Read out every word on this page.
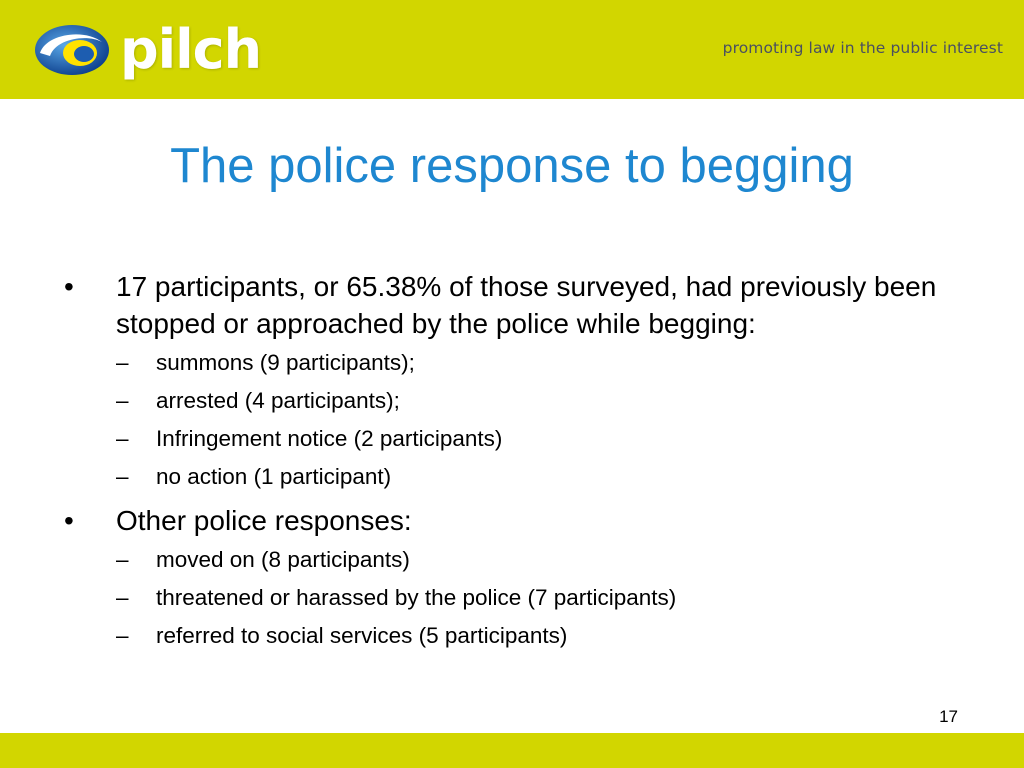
pilch	promoting law in the public interest
The police response to begging
•	17 participants, or 65.38% of those surveyed, had previously been stopped or approached by the police while begging:
–	summons (9 participants);
–	arrested (4 participants);
–	Infringement notice (2 participants)
–	no action (1 participant)
•	Other police responses:
–	moved on (8 participants)
–	threatened or harassed by the police (7 participants)
–	referred to social services (5 participants)
17
